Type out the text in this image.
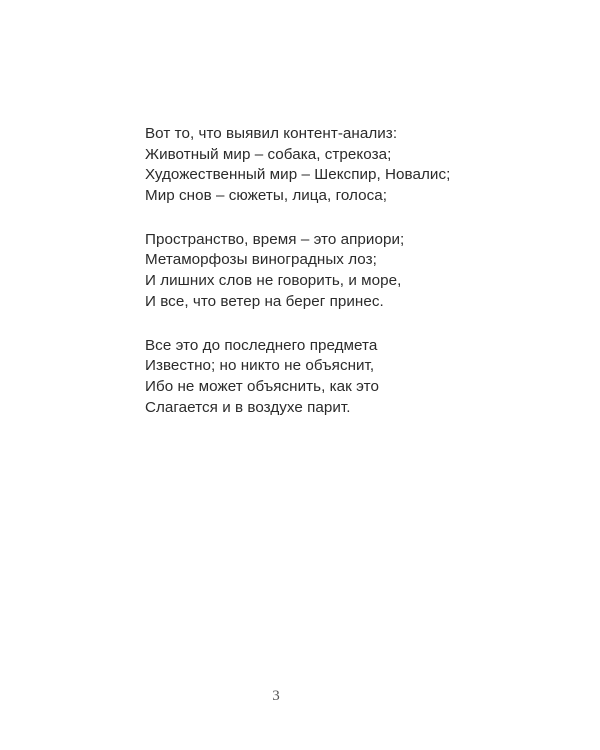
Вот то, что выявил контент-анализ:
Животный мир – собака, стрекоза;
Художественный мир – Шекспир, Новалис;
Мир снов – сюжеты, лица, голоса;
Пространство, время – это априори;
Метаморфозы виноградных лоз;
И лишних слов не говорить, и море,
И все, что ветер на берег принес.
Все это до последнего предмета
Известно; но никто не объяснит,
Ибо не может объяснить, как это
Слагается и в воздухе парит.
3
